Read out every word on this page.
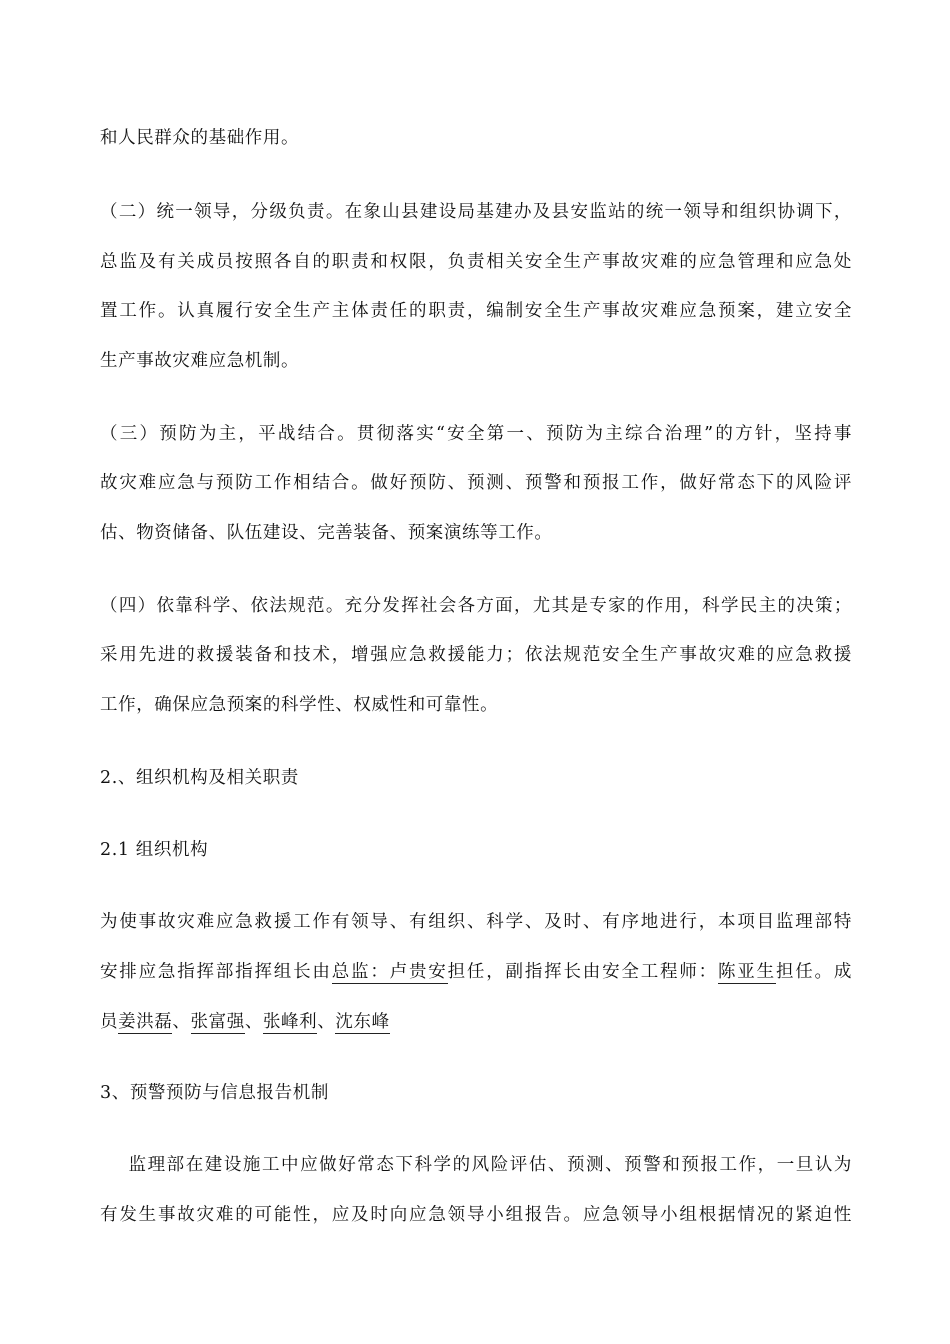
和人民群众的基础作用。
（二）统一领导，分级负责。在象山县建设局基建办及县安监站的统一领导和组织协调下，
总监及有关成员按照各自的职责和权限，负责相关安全生产事故灾难的应急管理和应急处
置工作。认真履行安全生产主体责任的职责，编制安全生产事故灾难应急预案，建立安全
生产事故灾难应急机制。
（三）预防为主，平战结合。贯彻落实“安全第一、预防为主综合治理”的方针，坚持事
故灾难应急与预防工作相结合。做好预防、预测、预警和预报工作，做好常态下的风险评
估、物资储备、队伍建设、完善装备、预案演练等工作。
（四）依靠科学、依法规范。充分发挥社会各方面，尤其是专家的作用，科学民主的决策；
采用先进的救援装备和技术，增强应急救援能力；依法规范安全生产事故灾难的应急救援
工作，确保应急预案的科学性、权威性和可靠性。
2.、组织机构及相关职责
2.1 组织机构
为使事故灾难应急救援工作有领导、有组织、科学、及时、有序地进行，本项目监理部特
安排应急指挥部指挥组长由总监：卢贵安担任，副指挥长由安全工程师：陈亚生担任。成
员姜洪磊、张富强、张峰利、沈东峰
3、预警预防与信息报告机制
监理部在建设施工中应做好常态下科学的风险评估、预测、预警和预报工作，一旦认为
有发生事故灾难的可能性，应及时向应急领导小组报告。应急领导小组根据情况的紧迫性
